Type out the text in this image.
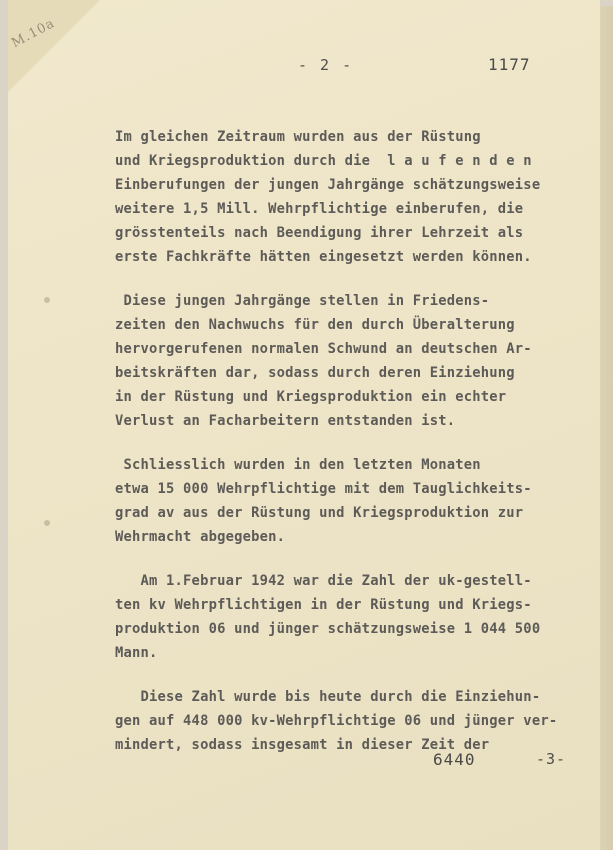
M.10a
- 2 -	1177
Im gleichen Zeitraum wurden aus der Rüstung
und Kriegsproduktion durch die  l a u f e n d e n
Einberufungen der jungen Jahrgänge schätzungsweise
weitere 1,5 Mill. Wehrpflichtige einberufen, die
grösstenteils nach Beendigung ihrer Lehrzeit als
erste Fachkräfte hätten eingesetzt werden können.
Diese jungen Jahrgänge stellen in Friedens-
zeiten den Nachwuchs für den durch Überalterung
hervorgerufenen normalen Schwund an deutschen Ar-
beitskräften dar, sodass durch deren Einziehung
in der Rüstung und Kriegsproduktion ein echter
Verlust an Facharbeitern entstanden ist.
Schliesslich wurden in den letzten Monaten
etwa 15 000 Wehrpflichtige mit dem Tauglichkeits-
grad av aus der Rüstung und Kriegsproduktion zur
Wehrmacht abgegeben.
Am 1.Februar 1942 war die Zahl der uk-gestell-
ten kv Wehrpflichtigen in der Rüstung und Kriegs-
produktion 06 und jünger schätzungsweise 1 044 500
Mann.
Diese Zahl wurde bis heute durch die Einziehun-
gen auf 448 000 kv-Wehrpflichtige 06 und jünger ver-
mindert, sodass insgesamt in dieser Zeit der
6440	-3-
